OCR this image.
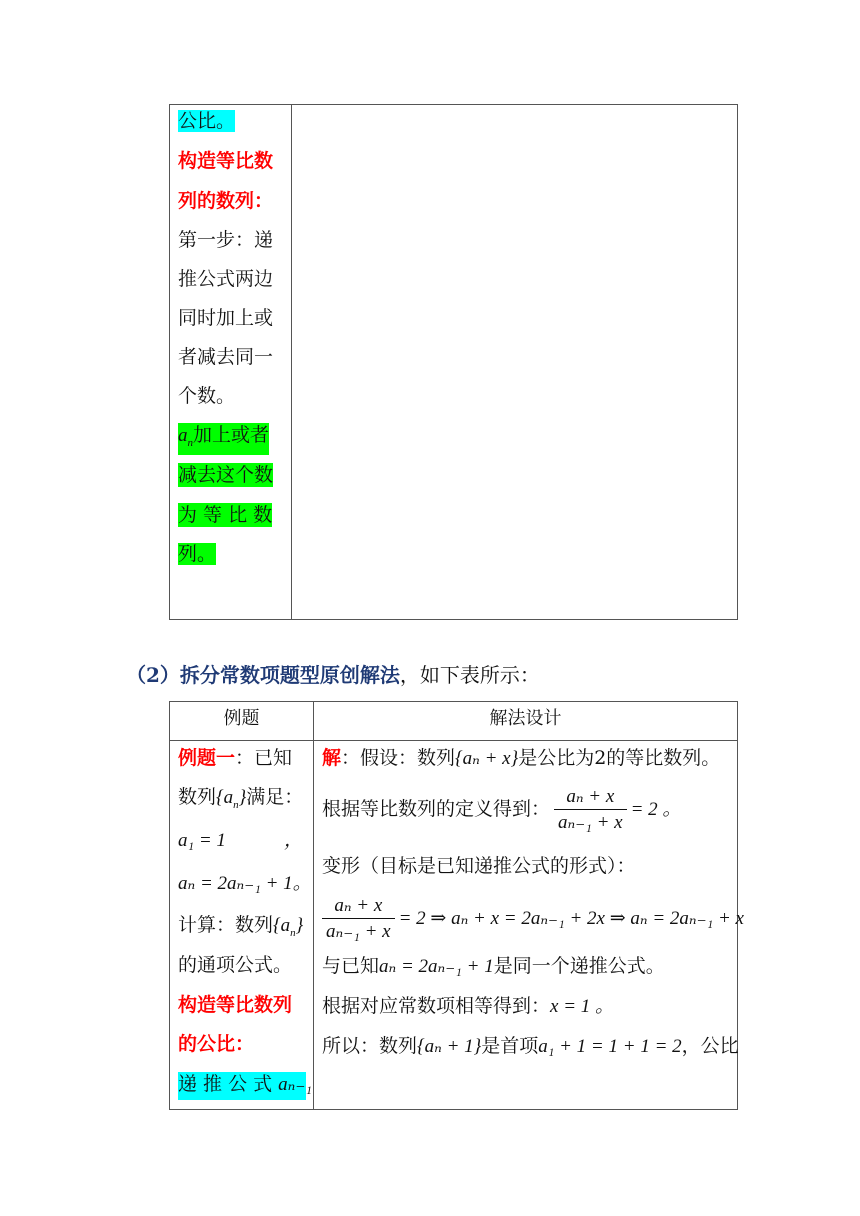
公比。
构造等比数
列的数列：
第一步：递
推公式两边
同时加上或
者减去同一
个数。
$a_n$加上或者
减去这个数
为 等 比 数
列。
（2）拆分常数项题型原创解法，如下表所示：
例题	解法设计
例题一：已知
数列$\{a_n\}$满足：
a₁ = 1	，
aₙ = 2aₙ₋₁ + 1。
计算：数列$\{a_n\}$
的通项公式。
构造等比数列
的公比：
递 推 公 式 aₙ₋₁
解：假设：数列{aₙ + x}是公比为2的等比数列。
根据等比数列的定义得到： $\frac{\text{aₙ + x}}{\text{aₙ₋₁ + x}} = 2$ 。
变形（目标是已知递推公式的形式）：
$\frac{\text{aₙ + x}}{\text{aₙ₋₁ + x}} = 2$ ⇒ aₙ + x = 2aₙ₋₁ + 2x ⇒ aₙ = 2aₙ₋₁ + x
与已知aₙ = 2aₙ₋₁ + 1是同一个递推公式。
根据对应常数项相等得到：x = 1 。
所以：数列{aₙ + 1}是首项a₁ + 1 = 1 + 1 = 2，公比
